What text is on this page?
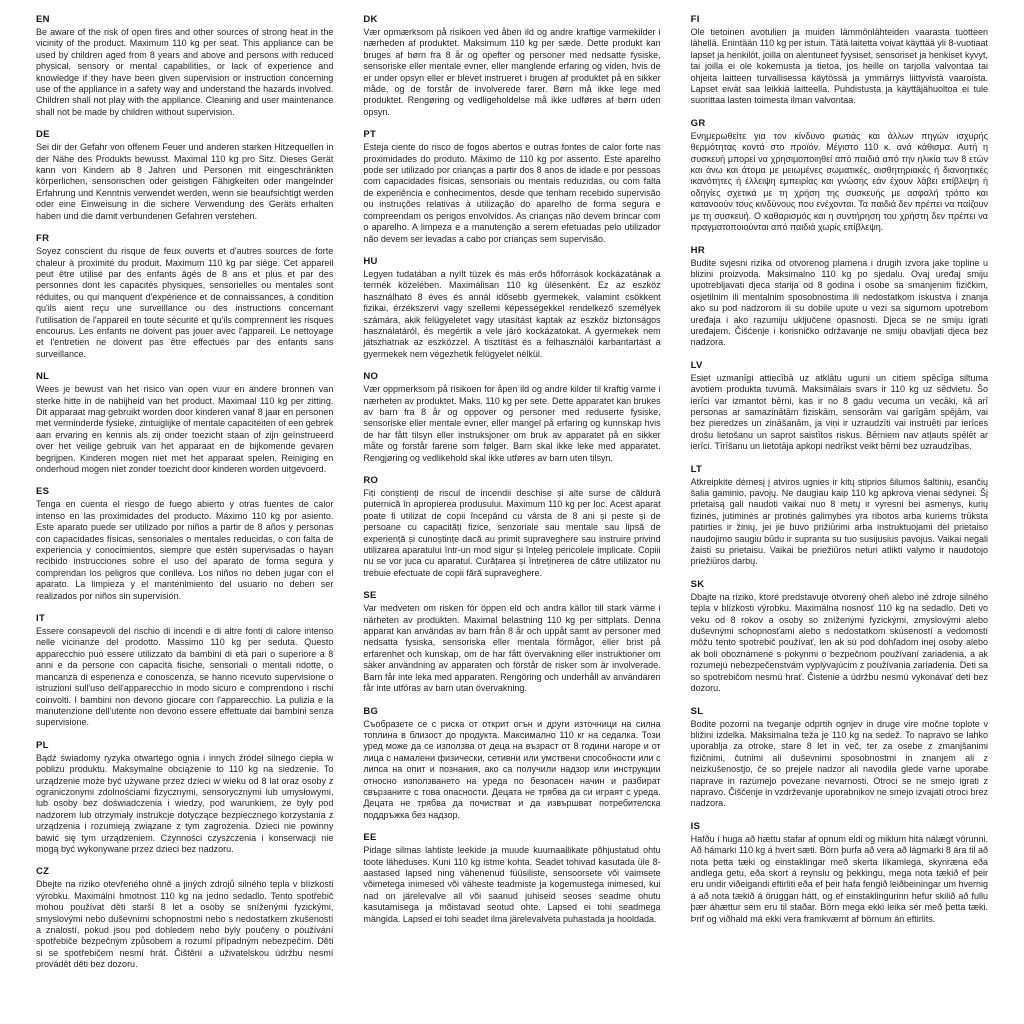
EN

Be aware of the risk of open fires and other sources of strong heat in the vicinity of the product. Maximum 110 kg per seat. This appliance can be used by children aged from 8 years and above and persons with reduced physical, sensory or mental capabilities, or lack of experience and knowledge if they have been given supervision or instruction concerning use of the appliance in a safety way and understand the hazards involved. Children shall not play with the appliance. Cleaning and user maintenance shall not be made by children without supervision.

DE

Sei dir der Gefahr von offenem Feuer und anderen starken Hitzequellen in der Nähe des Produkts bewusst. Maximal 110 kg pro Sitz. Dieses Gerät kann von Kindern ab 8 Jahren und Personen mit eingeschränkten körperlichen, sensorischen oder geistigen Fähigkeiten oder mangelnder Erfahrung und Kenntnis verwendet werden, wenn sie beaufsichtigt werden oder eine Einweisung in die sichere Verwendung des Geräts erhalten haben und die damit verbundenen Gefahren verstehen.

FR

Soyez conscient du risque de feux ouverts et d'autres sources de forte chaleur à proximité du produit. Maximum 110 kg par siège. Cet appareil peut être utilisé par des enfants âgés de 8 ans et plus et par des personnes dont les capacités physiques, sensorielles ou mentales sont réduites, ou qui manquent d'expérience et de connaissances, à condition qu'ils aient reçu une surveillance ou des instructions concernant l'utilisation de l'appareil en toute sécurité et qu'ils comprennent les risques encourus. Les enfants ne doivent pas jouer avec l'appareil. Le nettoyage et l'entretien ne doivent pas être effectués par des enfants sans surveillance.

NL

Wees je bewust van het risico van open vuur en andere bronnen van sterke hitte in de nabijheid van het product. Maximaal 110 kg per zitting. Dit apparaat mag gebruikt worden door kinderen vanaf 8 jaar en personen met verminderde fysieke, zintuiglijke of mentale capaciteiten of een gebrek aan ervaring en kennis als zij onder toezicht staan of zijn geïnstrueerd over het veilige gebruik van het apparaat en de bijkomende gevaren begrijpen. Kinderen mogen niet met het apparaat spelen. Reiniging en onderhoud mogen niet zonder toezicht door kinderen worden uitgevoerd.

ES

Tenga en cuenta el riesgo de fuego abierto y otras fuentes de calor intenso en las proximidades del producto. Máximo 110 kg por asiento. Este aparato puede ser utilizado por niños a partir de 8 años y personas con capacidades físicas, sensoriales o mentales reducidas, o con falta de experiencia y conocimientos, siempre que estén supervisadas o hayan recibido instrucciones sobre el uso del aparato de forma segura y comprendan los peligros que conlleva. Los niños no deben jugar con el aparato. La limpieza y el mantenimiento del usuario no deben ser realizados por niños sin supervisión.

IT

Essere consapevoli del rischio di incendi e di altre fonti di calore intenso nelle vicinanze del prodotto. Massimo 110 kg per seduta. Questo apparecchio può essere utilizzato da bambini di età pari o superiore a 8 anni e da persone con capacità fisiche, sensoriali o mentali ridotte, o mancanza di esperienza e conoscenza, se hanno ricevuto supervisione o istruzioni sull'uso dell'apparecchio in modo sicuro e comprendono i rischi coinvolti. I bambini non devono giocare con l'apparecchio. La pulizia e la manutenzione dell'utente non devono essere effettuate dai bambini senza supervisione.

PL

Bądź świadomy ryzyka otwartego ognia i innych źródeł silnego ciepła w pobliżu produktu. Maksymalne obciążenie to 110 kg na siedzenie. To urządzenie może być używane przez dzieci w wieku od 8 lat oraz osoby z ograniczonymi zdolnościami fizycznymi, sensorycznymi lub umysłowymi, lub osoby bez doświadczenia i wiedzy, pod warunkiem, że były pod nadzorem lub otrzymały instrukcje dotyczące bezpiecznego korzystania z urządzenia i rozumieją związane z tym zagrożenia. Dzieci nie powinny bawić się tym urządzeniem. Czynności czyszczenia i konserwacji nie mogą być wykonywane przez dzieci bez nadzoru.

CZ

Dbejte na riziko otevřeného ohně a jiných zdrojů silného tepla v blízkosti výrobku. Maximální hmotnost 110 kg na jedno sedadlo. Tento spotřebič mohou používat děti starší 8 let a osoby se sníženými fyzickými, smyslovými nebo duševními schopnostmi nebo s nedostatkem zkušeností a znalostí, pokud jsou pod dohledem nebo byly poučeny o používání spotřebiče bezpečným způsobem a rozumí případným nebezpečím. Děti si se spotřebičem nesmí hrát. Čištění a uživatelskou údržbu nesmí provádět děti bez dozoru.

DK

Vær opmærksom på risikoen ved åben ild og andre kraftige varmekilder i nærheden af produktet. Maksimum 110 kg per sæde. Dette produkt kan bruges af børn fra 8 år og opefter og personer med nedsatte fysiske, sensoriske eller mentale evner, eller manglende erfaring og viden, hvis de er under opsyn eller er blevet instrueret i brugen af produktet på en sikker måde, og de forstår de involverede farer. Børn må ikke lege med produktet. Rengøring og vedligeholdelse må ikke udføres af børn uden opsyn.

PT

Esteja ciente do risco de fogos abertos e outras fontes de calor forte nas proximidades do produto. Máximo de 110 kg por assento. Este aparelho pode ser utilizado por crianças a partir dos 8 anos de idade e por pessoas com capacidades físicas, sensoriais ou mentais reduzidas, ou com falta de experiência e conhecimentos, desde que tenham recebido supervisão ou instruções relativas à utilização do aparelho de forma segura e compreendam os perigos envolvidos. As crianças não devem brincar com o aparelho. A limpeza e a manutenção a serem efetuadas pelo utilizador não devem ser levadas a cabo por crianças sem supervisão.

HU

Legyen tudatában a nyílt tüzek és más erős hőforrások kockázatának a termék közelében. Maximálisan 110 kg ülésenként. Ez az eszköz használható 8 éves és annál idősebb gyermekek, valamint csökkent fizikai, érzékszervi vagy szellemi képességekkel rendelkező személyek számára, akik felügyeletet vagy utasítást kaptak az eszköz biztonságos használatáról, és megértik a vele járó kockázatokat. A gyermekek nem játszhatnak az eszközzel. A tisztítást és a felhasználói karbantartást a gyermekek nem végezhetik felügyelet nélkül.

NO

Vær oppmerksom på risikoen for åpen ild og andre kilder til kraftig varme i nærheten av produktet. Maks. 110 kg per sete. Dette apparatet kan brukes av barn fra 8 år og oppover og personer med reduserte fysiske, sensoriske eller mentale evner, eller mangel på erfaring og kunnskap hvis de har fått tilsyn eller instruksjoner om bruk av apparatet på en sikker måte og forstår farene som følger. Barn skal ikke leke med apparatet. Rengjøring og vedlikehold skal ikke utføres av barn uten tilsyn.

RO

Fiți conștienți de riscul de incendii deschise și alte surse de căldură puternică în apropierea produsului. Maximum 110 kg per loc. Acest aparat poate fi utilizat de copii începând cu vârsta de 8 ani și peste și de persoane cu capacități fizice, senzoriale sau mentale sau lipsă de experiență și cunoștințe dacă au primit supraveghere sau instruire privind utilizarea aparatului într-un mod sigur și înțeleg pericolele implicate. Copiii nu se vor juca cu aparatul. Curățarea și întreținerea de către utilizator nu trebuie efectuate de copii fără supraveghere.

SE

Var medveten om risken för öppen eld och andra källor till stark värme i närheten av produkten. Maximal belastning 110 kg per sittplats. Denna apparat kan användas av barn från 8 år och uppåt samt av personer med nedsatta fysiska, sensoriska eller mentala förmågor, eller brist på erfarenhet och kunskap, om de har fått övervakning eller instruktioner om säker användning av apparaten och förstår de risker som är involverade. Barn får inte leka med apparaten. Rengöring och underhåll av användaren får inte utföras av barn utan övervakning.

BG

Съобразете се с риска от открит огън и други източници на силна топлина в близост до продукта. Максимално 110 кг на седалка. Този уред може да се използва от деца на възраст от 8 години нагоре и от лица с намалени физически, сетивни или умствени способности или с липса на опит и познания, ако са получили надзор или инструкции относно използването на уреда по безопасен начин и разбират свързаните с това опасности. Децата не трябва да си играят с уреда. Децата не трябва да почистват и да извършват потребителска поддръжка без надзор.

EE

Pidage silmas lahtiste leekide ja muude kuumaallikate põhjustatud ohtu toote läheduses. Kuni 110 kg istme kohta. Seadet tohivad kasutada üle 8-aastased lapsed ning vähenenud füüsiliste, sensoorsete või vaimsete võimetega inimesed või väheste teadmiste ja kogemustega inimesed, kui nad on järelevalve all või saanud juhiseid seoses seadme ohutu kasutamisega ja mõistavad seotud ohte. Lapsed ei tohi seadmega mängida. Lapsed ei tohi seadet ilma järelevalveta puhastada ja hooldada.

FI

Ole tietoinen avotulien ja muiden lämmönlähteiden vaarasta tuotteen lähellä. Enintään 110 kg per istuin. Tätä laitetta voivat käyttää yli 8-vuotiaat lapset ja henkilöt, joilla on alentuneet fyysiset, sensoriset ja henkiset kyvyt, tai joilla ei ole kokemusta ja tietoa, jos heille on tarjolla valvontaa tai ohjeita laitteen turvallisessa käytössä ja ymmärrys liittyvistä vaaroista. Lapset eivät saa leikkiä laitteella. Puhdistusta ja käyttäjähuoltoa ei tule suorittaa lasten toimesta ilman valvontaa.

GR

Ενημερωθείτε για τον κίνδυνο φωτιάς και άλλων πηγών ισχυρής θερμότητας κοντά στο προϊόν. Μέγιστο 110 κ. ανά κάθισμα. Αυτή η συσκευή μπορεί να χρησιμοποιηθεί από παιδιά από την ηλικία των 8 ετών και άνω και άτομα με μειωμένες σωματικές, αισθητηριακές ή διανοητικές ικανότητες ή έλλειψη εμπειρίας και γνώσης εάν έχουν λάβει επίβλεψη ή οδηγίες σχετικά με τη χρήση της συσκευής με ασφαλή τρόπο και κατανοούν τους κινδύνους που ενέχονται. Τα παιδιά δεν πρέπει να παίζουν με τη συσκευή. Ο καθαρισμός και η συντήρηση του χρήστη δεν πρέπει να πραγματοποιούνται από παιδιά χωρίς επίβλεψη.

HR

Budite svjesni rizika od otvorenog plamena i drugih izvora jake topline u blizini proizvoda. Maksimalno 110 kg po sjedalu. Ovaj uređaj smiju upotrebljavati djeca starija od 8 godina i osobe sa smanjenim fizičkim, osjetilnim ili mentalnim sposobnostima ili nedostatkom iskustva i znanja ako su pod nadzorom ili su dobile upute u vezi sa sigurnom upotrebom uređaja i ako razumiju uključene opasnosti. Djeca se ne smiju igrati uređajem. Čišćenje i korisničko održavanje ne smiju obavljati djeca bez nadzora.

LV

Esiet uzmanīgi attiecībā uz atklātu uguni un citiem spēcīga siltuma avotiem produkta tuvumā. Maksimālais svars ir 110 kg uz sēdvietu. Šo ierīci var izmantot bērni, kas ir no 8 gadu vecuma un vecāki, kā arī personas ar samazinātām fiziskām, sensorām vai garīgām spējām, vai bez pieredzes un zināšanām, ja viņi ir uzraudzīti vai instruēti par ierīces drošu lietošanu un saprot saistītos riskus. Bērniem nav atļauts spēlēt ar ierīci. Tīrīšanu un lietotāja apkopi nedrīkst veikt bērni bez uzraudzības.

LT

Atkreipkite dėmesį į atviros ugnies ir kitų stiprios šilumos šaltinių, esančių šalia gaminio, pavojų. Ne daugiau kaip 110 kg apkrova vienai sėdynei. Šį prietaisą gali naudoti vaikai nuo 8 metų ir vyresni bei asmenys, kurių fizinės, jutiminės ar protinės galimybės yra ribotos arba kuriems trūksta patirties ir žinių, jei jie buvo prižiūrimi arba instruktuojami dėl prietaiso naudojimo saugiu būdu ir supranta su tuo susijusius pavojus. Vaikai negali žaisti su prietaisu. Vaikai be priežiūros neturi atlikti valymo ir naudotojo priežiūros darbų.

SK

Dbajte na riziko, ktoré predstavuje otvorený oheň alebo iné zdroje silného tepla v blízkosti výrobku. Maximálna nosnosť 110 kg na sedadlo. Deti vo veku od 8 rokov a osoby so zníženými fyzickými, zmyslovými alebo duševnými schopnosťami alebo s nedostatkom skúseností a vedomostí môžu tento spotrebič používať, len ak sú pod dohľadom inej osoby alebo ak boli oboznámené s pokynmi o bezpečnom používaní zariadenia, a ak rozumejú nebezpečenstvám vyplývajúcim z používania zariadenia. Deti sa so spotrebičom nesmú hrať. Čistenie a údržbu nesmú vykonávať deti bez dozoru.

SL

Bodite pozorni na tveganje odprtih ognjev in druge vire močne toplote v bližini izdelka. Maksimalna teža je 110 kg na sedež. To napravo se lahko uporablja za otroke, stare 8 let in več, ter za osebe z zmanjšanimi fizičnimi, čutnimi ali duševnimi sposobnostmi in znanjem ali z neizkušenostjo, če so prejele nadzor ali navodila glede varne uporabe naprave in razumejo povezane nevarnosti. Otroci se ne smejo igrati z napravo. Čiščenje in vzdrževanje uporabnikov ne smejo izvajati otroci brez nadzora.

IS

Hafðu í huga að hættu stafar af opnum eldi og miklum hita nálægt vörunni. Að hámarki 110 kg á hvert sæti. Börn þurfa að vera að lágmarki 8 ára til að nota þetta tæki og einstaklingar með skerta líkamlega, skynræna eða andlega getu, eða skort á reynslu og þekkingu, mega nota tækið ef þeir eru undir viðeigandi eftirliti eða ef þeir hafa fengið leiðbeiningar um hvernig á að nota tækið á öruggan hátt, og ef einstaklingurinn hefur skilið að fullu þær áhættur sem eru til staðar. Börn mega ekki leika sér með þetta tæki. Þrif og viðhald má ekki vera framkvæmt af börnum án eftirlits.
